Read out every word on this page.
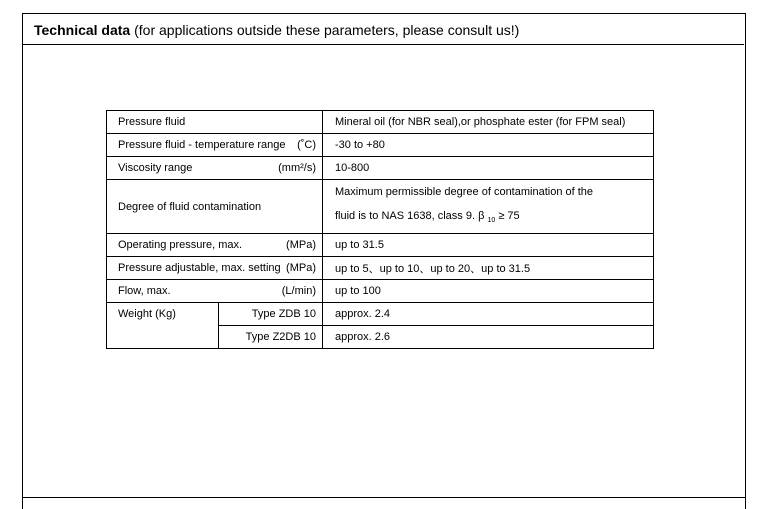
Technical data (for applications outside these parameters, please consult us!)
Pressure fluid		Mineral oil (for NBR seal),or phosphate ester (for FPM seal)

Pressure fluid - temperature range (˚C)		-30 to +80

Viscosity range (mm²/s)		10-800
Degree of fluid contamination		Maximum permissible degree of contamination of the
fluid is to NAS 1638, class 9. β $_{10}$ ≥ 75

Operating pressure, max. (MPa)		up to 31.5

Pressure adjustable, max. setting (MPa)		up to 5、up to 10、up to 20、up to 31.5

Flow, max. (L/min)		up to 100
Weight (Kg)	Type ZDB 10	approx. 2.4
	Type Z2DB 10	approx. 2.6
